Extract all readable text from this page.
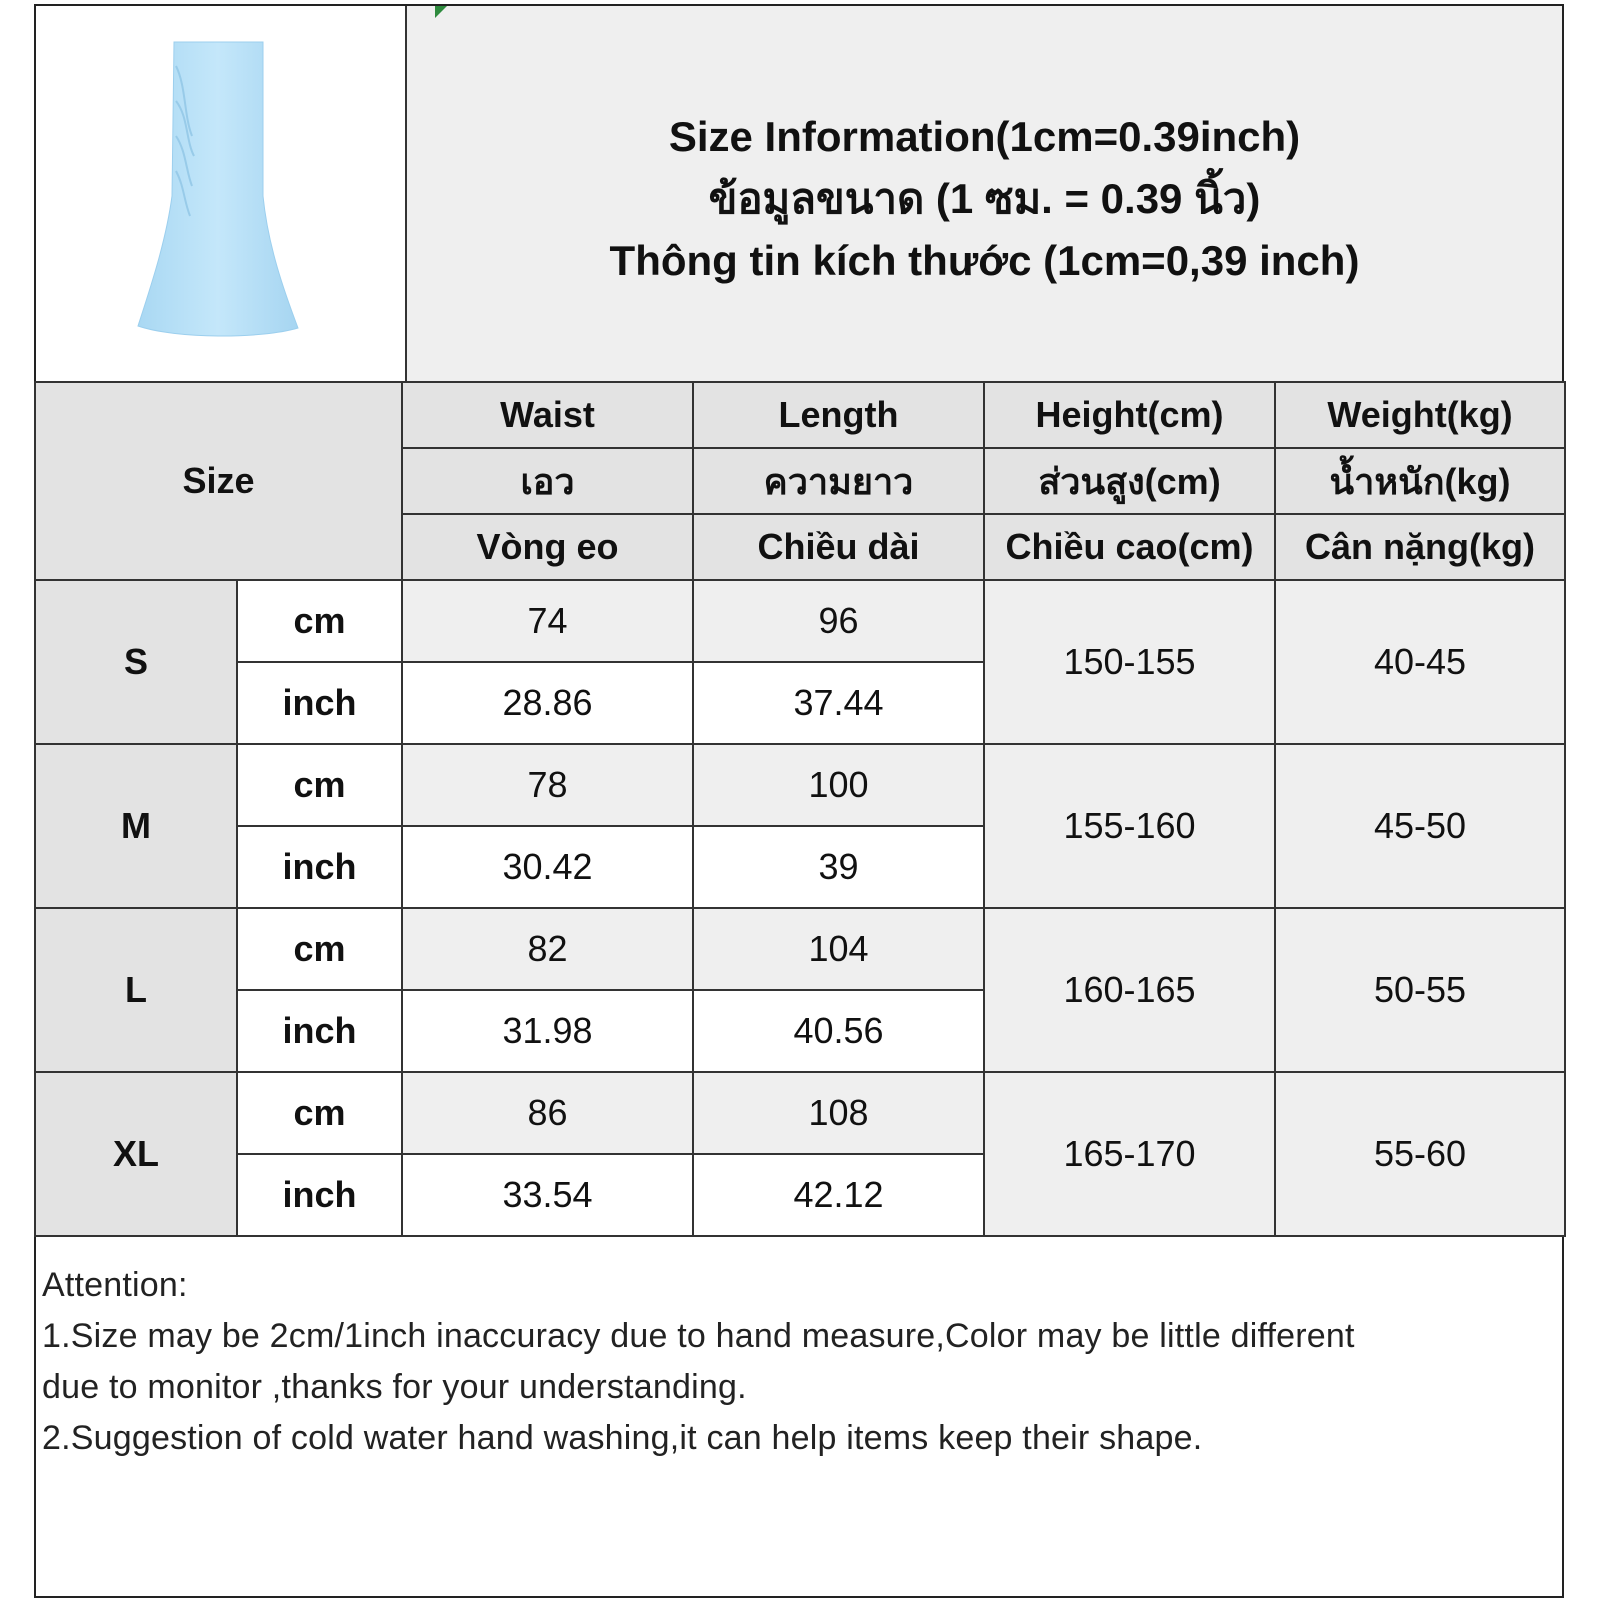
Size Information(1cm=0.39inch)
ข้อมูลขนาด (1 ซม. = 0.39 นิ้ว)
Thông tin kích thước (1cm=0,39 inch)
Size		Waist	Length	Height(cm)	Weight(kg)
		เอว	ความยาว	ส่วนสูง(cm)	น้ำหนัก(kg)
		Vòng eo	Chiều dài	Chiều cao(cm)	Cân nặng(kg)
S	cm	74	96	150-155	40-45
	inch	28.86	37.44		
M	cm	78	100	155-160	45-50
	inch	30.42	39		
L	cm	82	104	160-165	50-55
	inch	31.98	40.56		
XL	cm	86	108	165-170	55-60
	inch	33.54	42.12		
Attention:
1.Size may be 2cm/1inch inaccuracy due to hand measure,Color may be little different
due to monitor ,thanks for your understanding.
2.Suggestion of cold water hand washing,it can help items keep their shape.
